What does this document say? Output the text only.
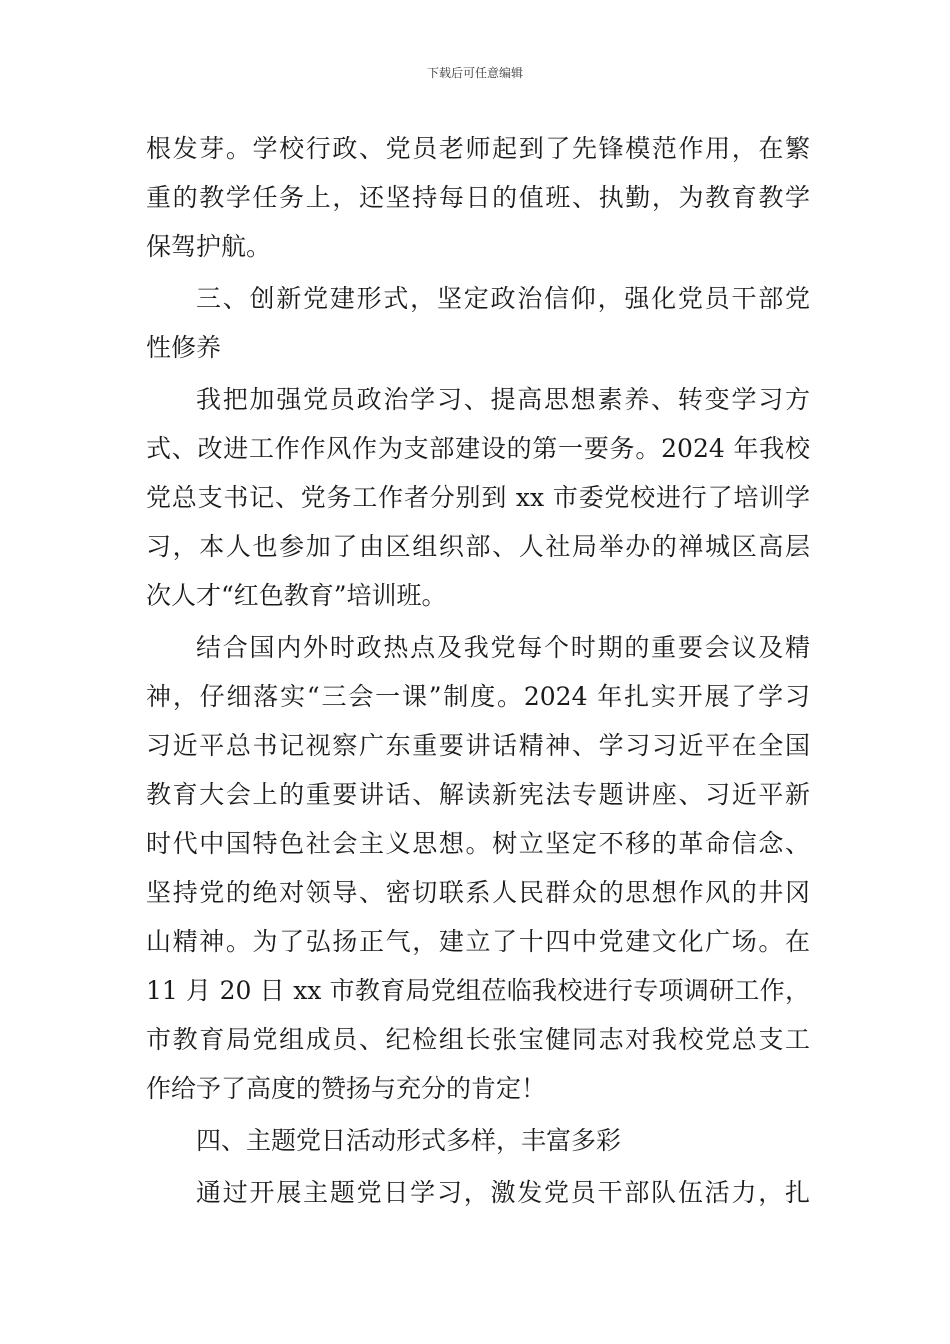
下载后可任意编辑
根发芽。学校行政、党员老师起到了先锋模范作用，在繁
重的教学任务上，还坚持每日的值班、执勤，为教育教学
保驾护航。
三、创新党建形式，坚定政治信仰，强化党员干部党
性修养
我把加强党员政治学习、提高思想素养、转变学习方
式、改进工作作风作为支部建设的第一要务。2024 年我校
党总支书记、党务工作者分别到 xx 市委党校进行了培训学
习，本人也参加了由区组织部、人社局举办的禅城区高层
次人才“红色教育”培训班。
结合国内外时政热点及我党每个时期的重要会议及精
神，仔细落实“三会一课”制度。2024 年扎实开展了学习
习近平总书记视察广东重要讲话精神、学习习近平在全国
教育大会上的重要讲话、解读新宪法专题讲座、习近平新
时代中国特色社会主义思想。树立坚定不移的革命信念、
坚持党的绝对领导、密切联系人民群众的思想作风的井冈
山精神。为了弘扬正气，建立了十四中党建文化广场。在
11 月 20 日 xx 市教育局党组莅临我校进行专项调研工作，
市教育局党组成员、纪检组长张宝健同志对我校党总支工
作给予了高度的赞扬与充分的肯定！
四、主题党日活动形式多样，丰富多彩
通过开展主题党日学习，激发党员干部队伍活力，扎
